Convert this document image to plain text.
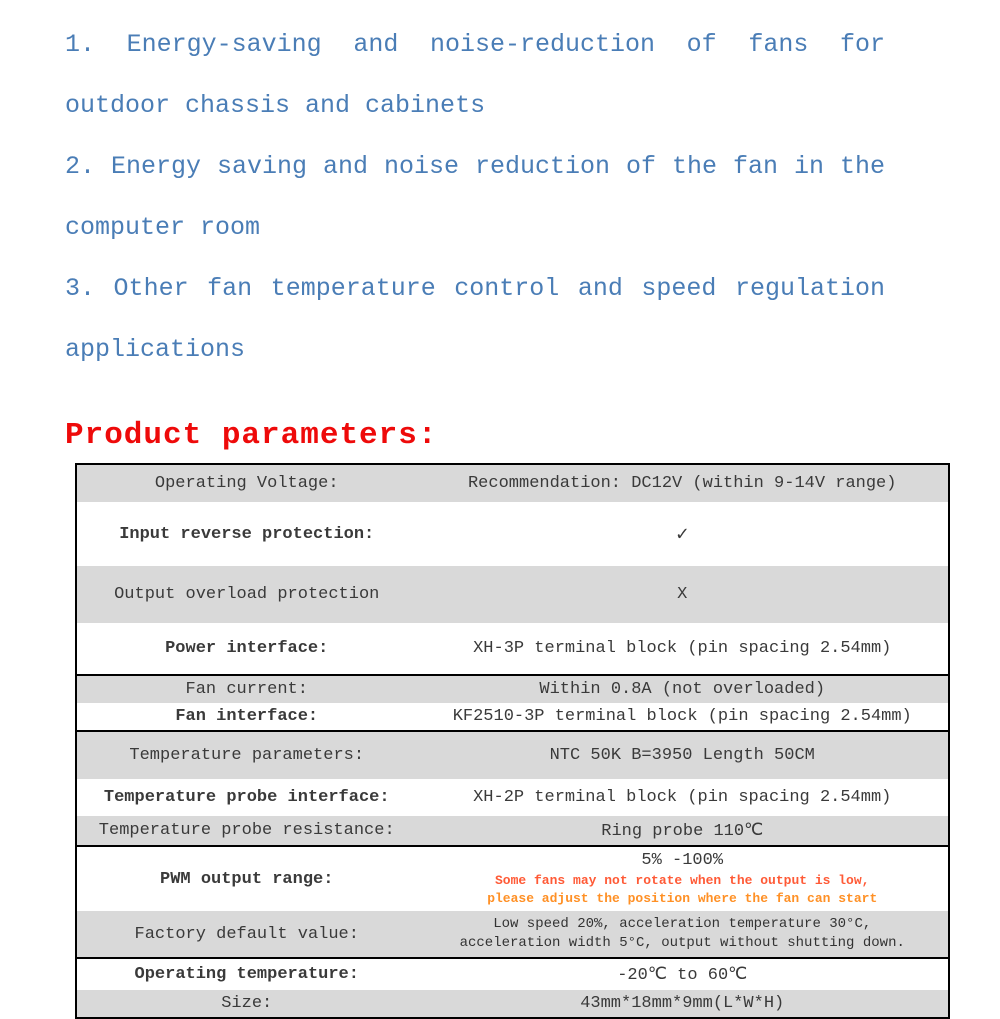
1. Energy-saving and noise-reduction of fans for outdoor chassis and cabinets

2. Energy saving and noise reduction of the fan in the computer room

3. Other fan temperature control and speed regulation applications

Product parameters:
Operating Voltage:	Recommendation: DC12V (within 9-14V range)
Input reverse protection:	✓
Output overload protection	X
Power interface:	XH-3P terminal block (pin spacing 2.54mm)
Fan current:	Within 0.8A (not overloaded)
Fan interface:	KF2510-3P terminal block (pin spacing 2.54mm)
Temperature parameters:	NTC 50K B=3950 Length 50CM
Temperature probe interface:	XH-2P terminal block (pin spacing 2.54mm)
Temperature probe resistance:	Ring probe 110℃
PWM output range:	5% -100%
Some fans may not rotate when the output is low,
please adjust the position where the fan can start

Factory default value:	Low speed 20%, acceleration temperature 30°C,
acceleration width 5°C, output without shutting down.

Operating temperature:	-20℃ to 60℃
Size:	43mm*18mm*9mm(L*W*H)
